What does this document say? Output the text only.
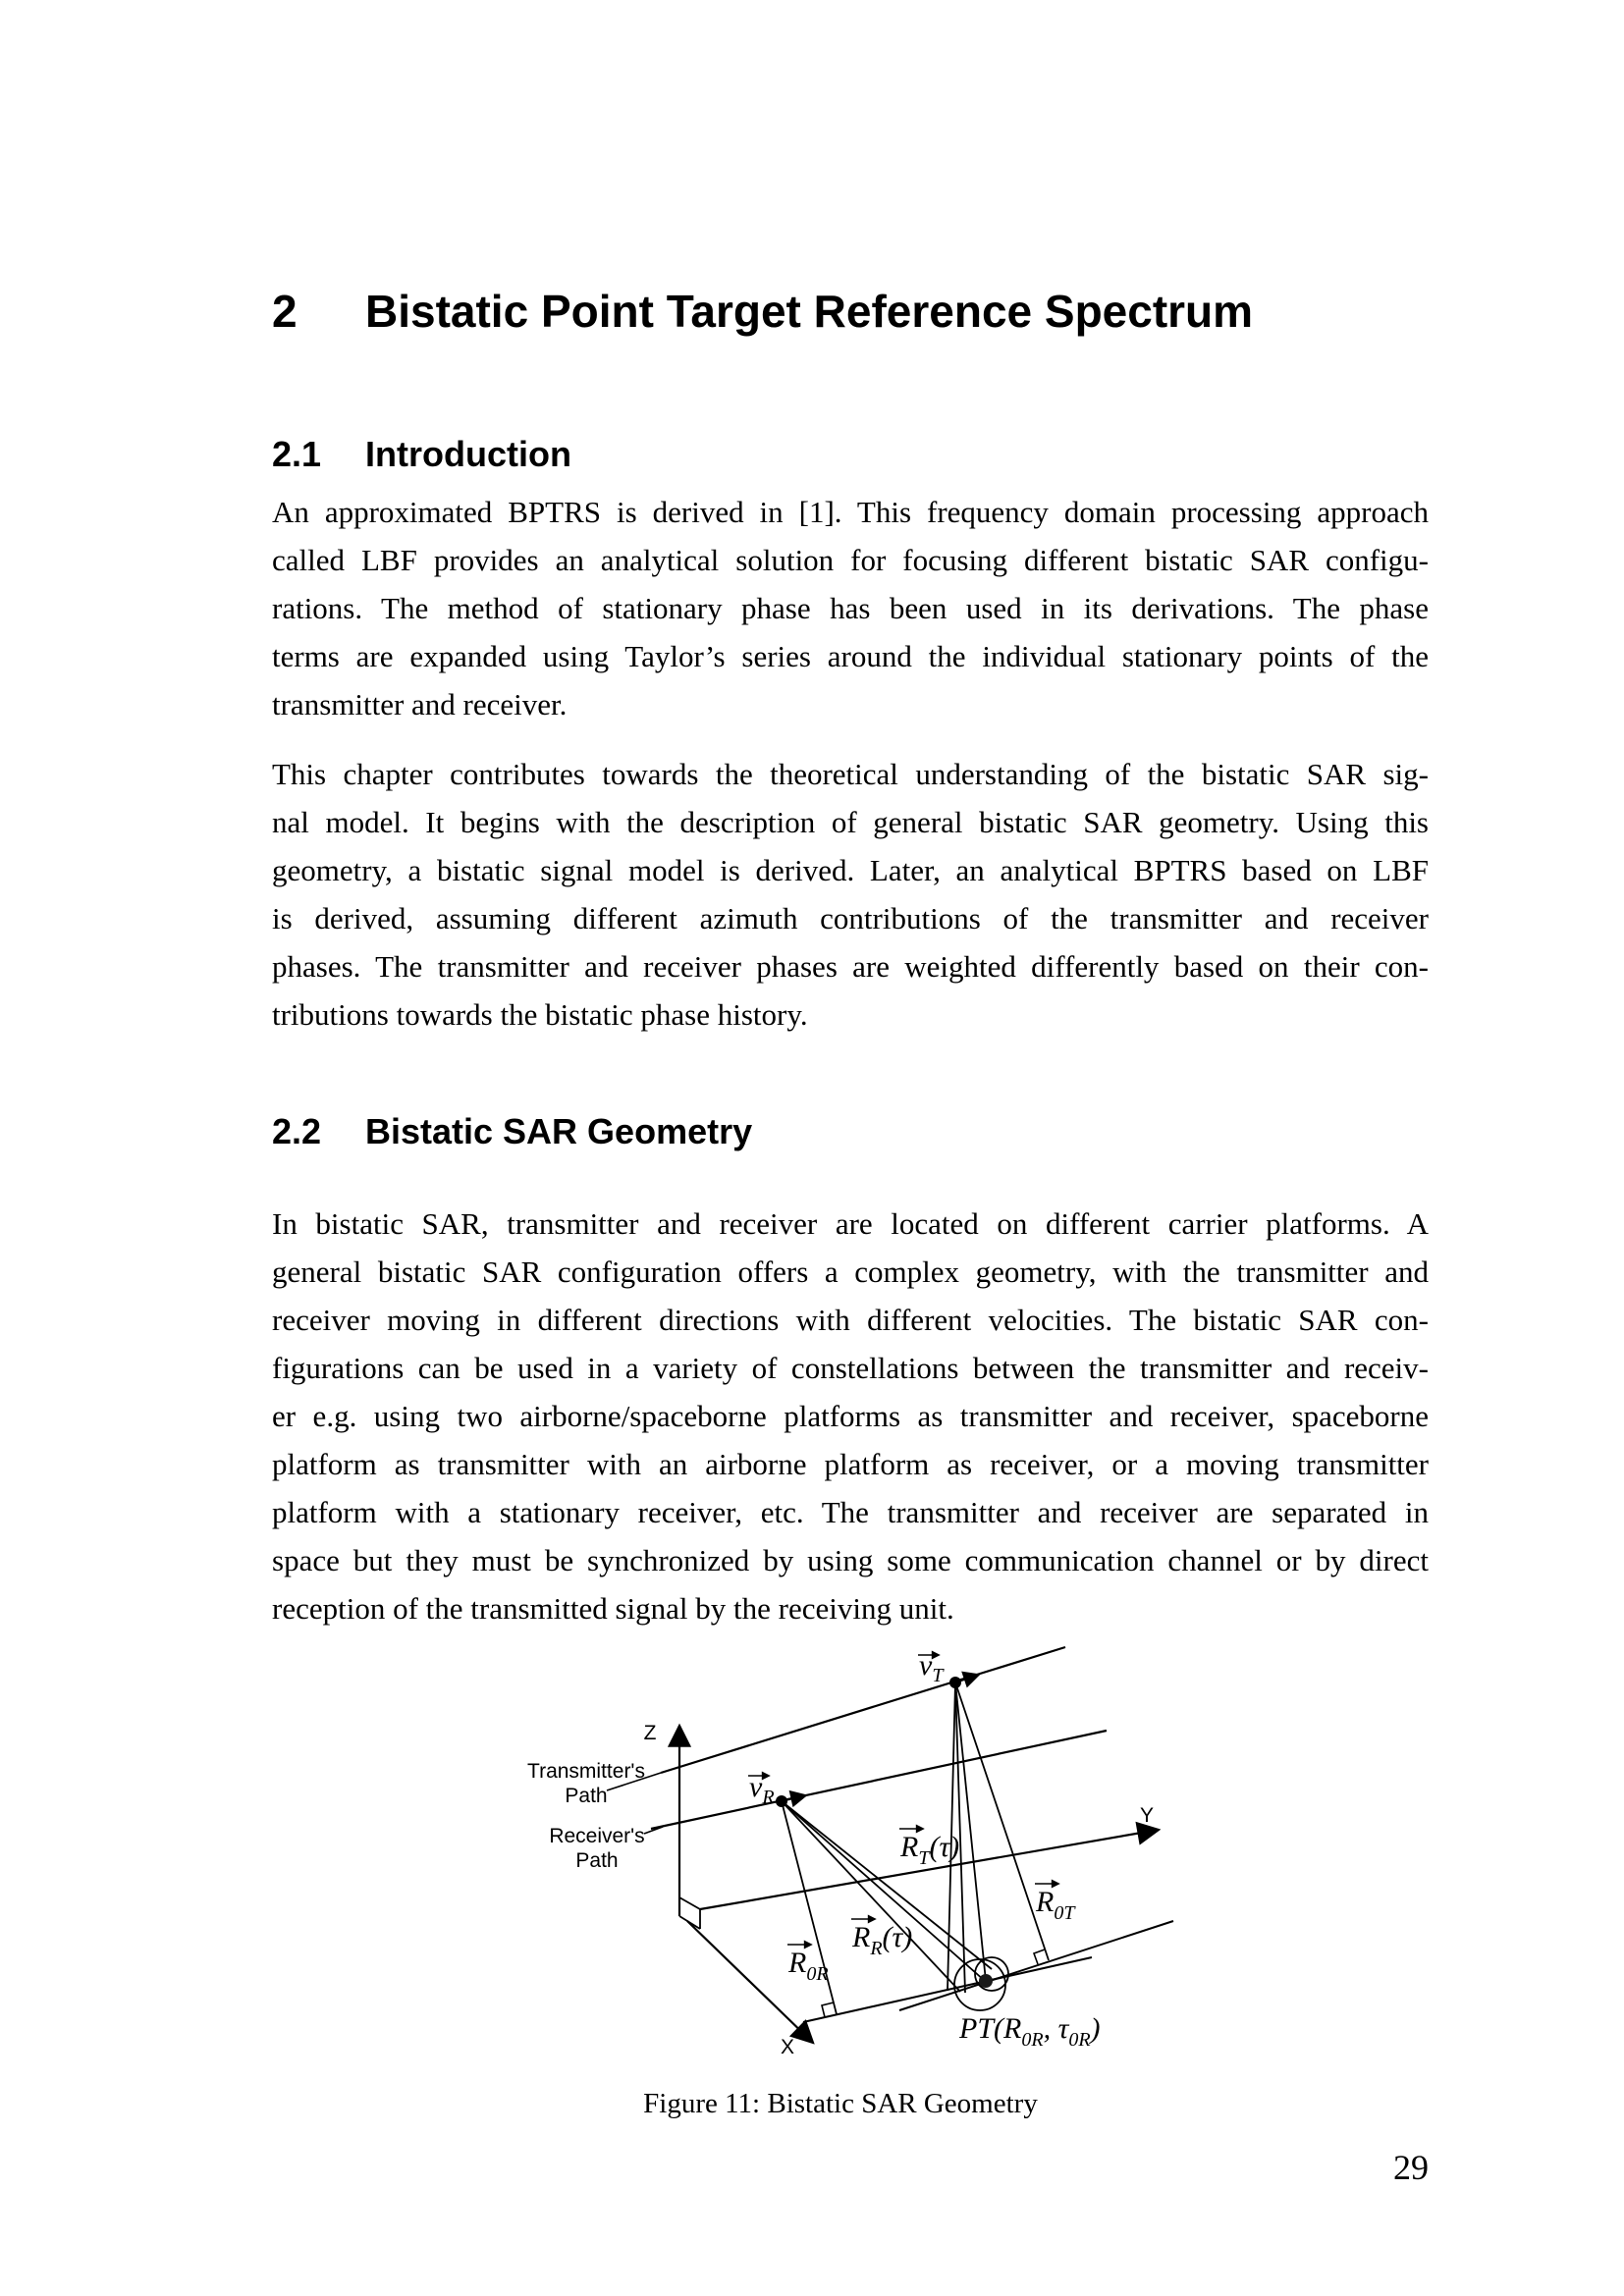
2 Bistatic Point Target Reference Spectrum
2.1 Introduction
An approximated BPTRS is derived in [1]. This frequency domain processing approach
called LBF provides an analytical solution for focusing different bistatic SAR configu-
rations. The method of stationary phase has been used in its derivations. The phase
terms are expanded using Taylor’s series around the individual stationary points of the
transmitter and receiver.
This chapter contributes towards the theoretical understanding of the bistatic SAR sig-
nal model. It begins with the description of general bistatic SAR geometry. Using this
geometry, a bistatic signal model is derived. Later, an analytical BPTRS based on LBF
is derived, assuming different azimuth contributions of the transmitter and receiver
phases. The transmitter and receiver phases are weighted differently based on their con-
tributions towards the bistatic phase history.
2.2 Bistatic SAR Geometry
In bistatic SAR, transmitter and receiver are located on different carrier platforms. A
general bistatic SAR configuration offers a complex geometry, with the transmitter and
receiver moving in different directions with different velocities. The bistatic SAR con-
figurations can be used in a variety of constellations between the transmitter and receiv-
er e.g. using two airborne/spaceborne platforms as transmitter and receiver, spaceborne
platform as transmitter with an airborne platform as receiver, or a moving transmitter
platform with a stationary receiver, etc. The transmitter and receiver are separated in
space but they must be synchronized by using some communication channel or by direct
reception of the transmitted signal by the receiving unit.
Transmitter's
Path
Receiver's
Path
Z
Y
X
$v_T$
$v_R$
$R_T(\tau)$
$R_R(\tau)$
$R_{0R}$
$R_{0T}$
$PT(R_{0R}$, $\tau_{0R}$)
Figure 11: Bistatic SAR Geometry
29
